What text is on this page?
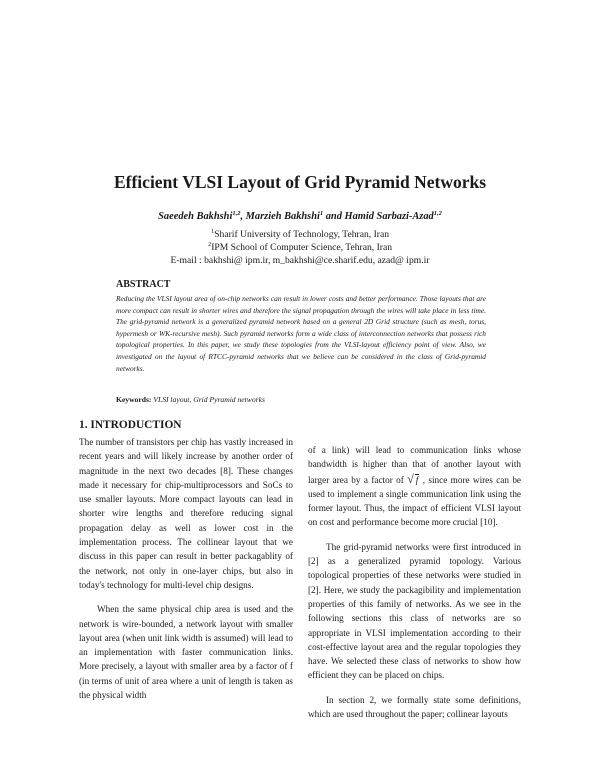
Efficient VLSI Layout of Grid Pyramid Networks
Saeedeh Bakhshi$^{1,2}$, Marzieh Bakhshi$^1$ and Hamid Sarbazi-Azad$^{1,2}$
$^1$Sharif University of Technology, Tehran, Iran
$^2$IPM School of Computer Science, Tehran, Iran
E-mail : bakhshi@ ipm.ir, m_bakhshi@ce.sharif.edu, azad@ ipm.ir
ABSTRACT
Reducing the VLSI layout area of on-chip networks can result in lower costs and better performance. Those layouts that are more compact can result in shorter wires and therefore the signal propagation through the wires will take place in less time. The grid-pyramid network is a generalized pyramid network based on a general 2D Grid structure (such as mesh, torus, hypermesh or WK-recursive mesh). Such pyramid networks form a wide class of interconnection networks that possess rich topological properties. In this paper, we study these topologies from the VLSI-layout efficiency point of view. Also, we investigated on the layout of RTCC-pyramid networks that we believe can be considered in the class of Grid-pyramid networks.
Keywords: VLSI layout, Grid Pyramid networks
1. INTRODUCTION

The number of transistors per chip has vastly increased in recent years and will likely increase by another order of magnitude in the next two decades [8]. These changes made it necessary for chip-multiprocessors and SoCs to use smaller layouts. More compact layouts can lead in shorter wire lengths and therefore reducing signal propagation delay as well as lower cost in the implementation process. The collinear layout that we discuss in this paper can result in better packagablity of the network, not only in one-layer chips, but also in today's technology for multi-level chip designs.

When the same physical chip area is used and the network is wire-bounded, a network layout with smaller layout area (when unit link width is assumed) will lead to an implementation with faster communication links. More precisely, a layout with smaller area by a factor of f (in terms of unit of area where a unit of length is taken as the physical width

of a link) will lead to communication links whose bandwidth is higher than that of another layout with larger area by a factor of √ f , since more wires can be used to implement a single communication link using the former layout. Thus, the impact of efficient VLSI layout on cost and performance become more crucial [10].

The grid-pyramid networks were first introduced in [2] as a generalized pyramid topology. Various topological properties of these networks were studied in [2]. Here, we study the packagibility and implementation properties of this family of networks. As we see in the following sections this class of networks are so appropriate in VLSI implementation according to their cost-effective layout area and the regular topologies they have. We selected these class of networks to show how efficient they can be placed on chips.

In section 2, we formally state some definitions, which are used throughout the paper; collinear layouts
